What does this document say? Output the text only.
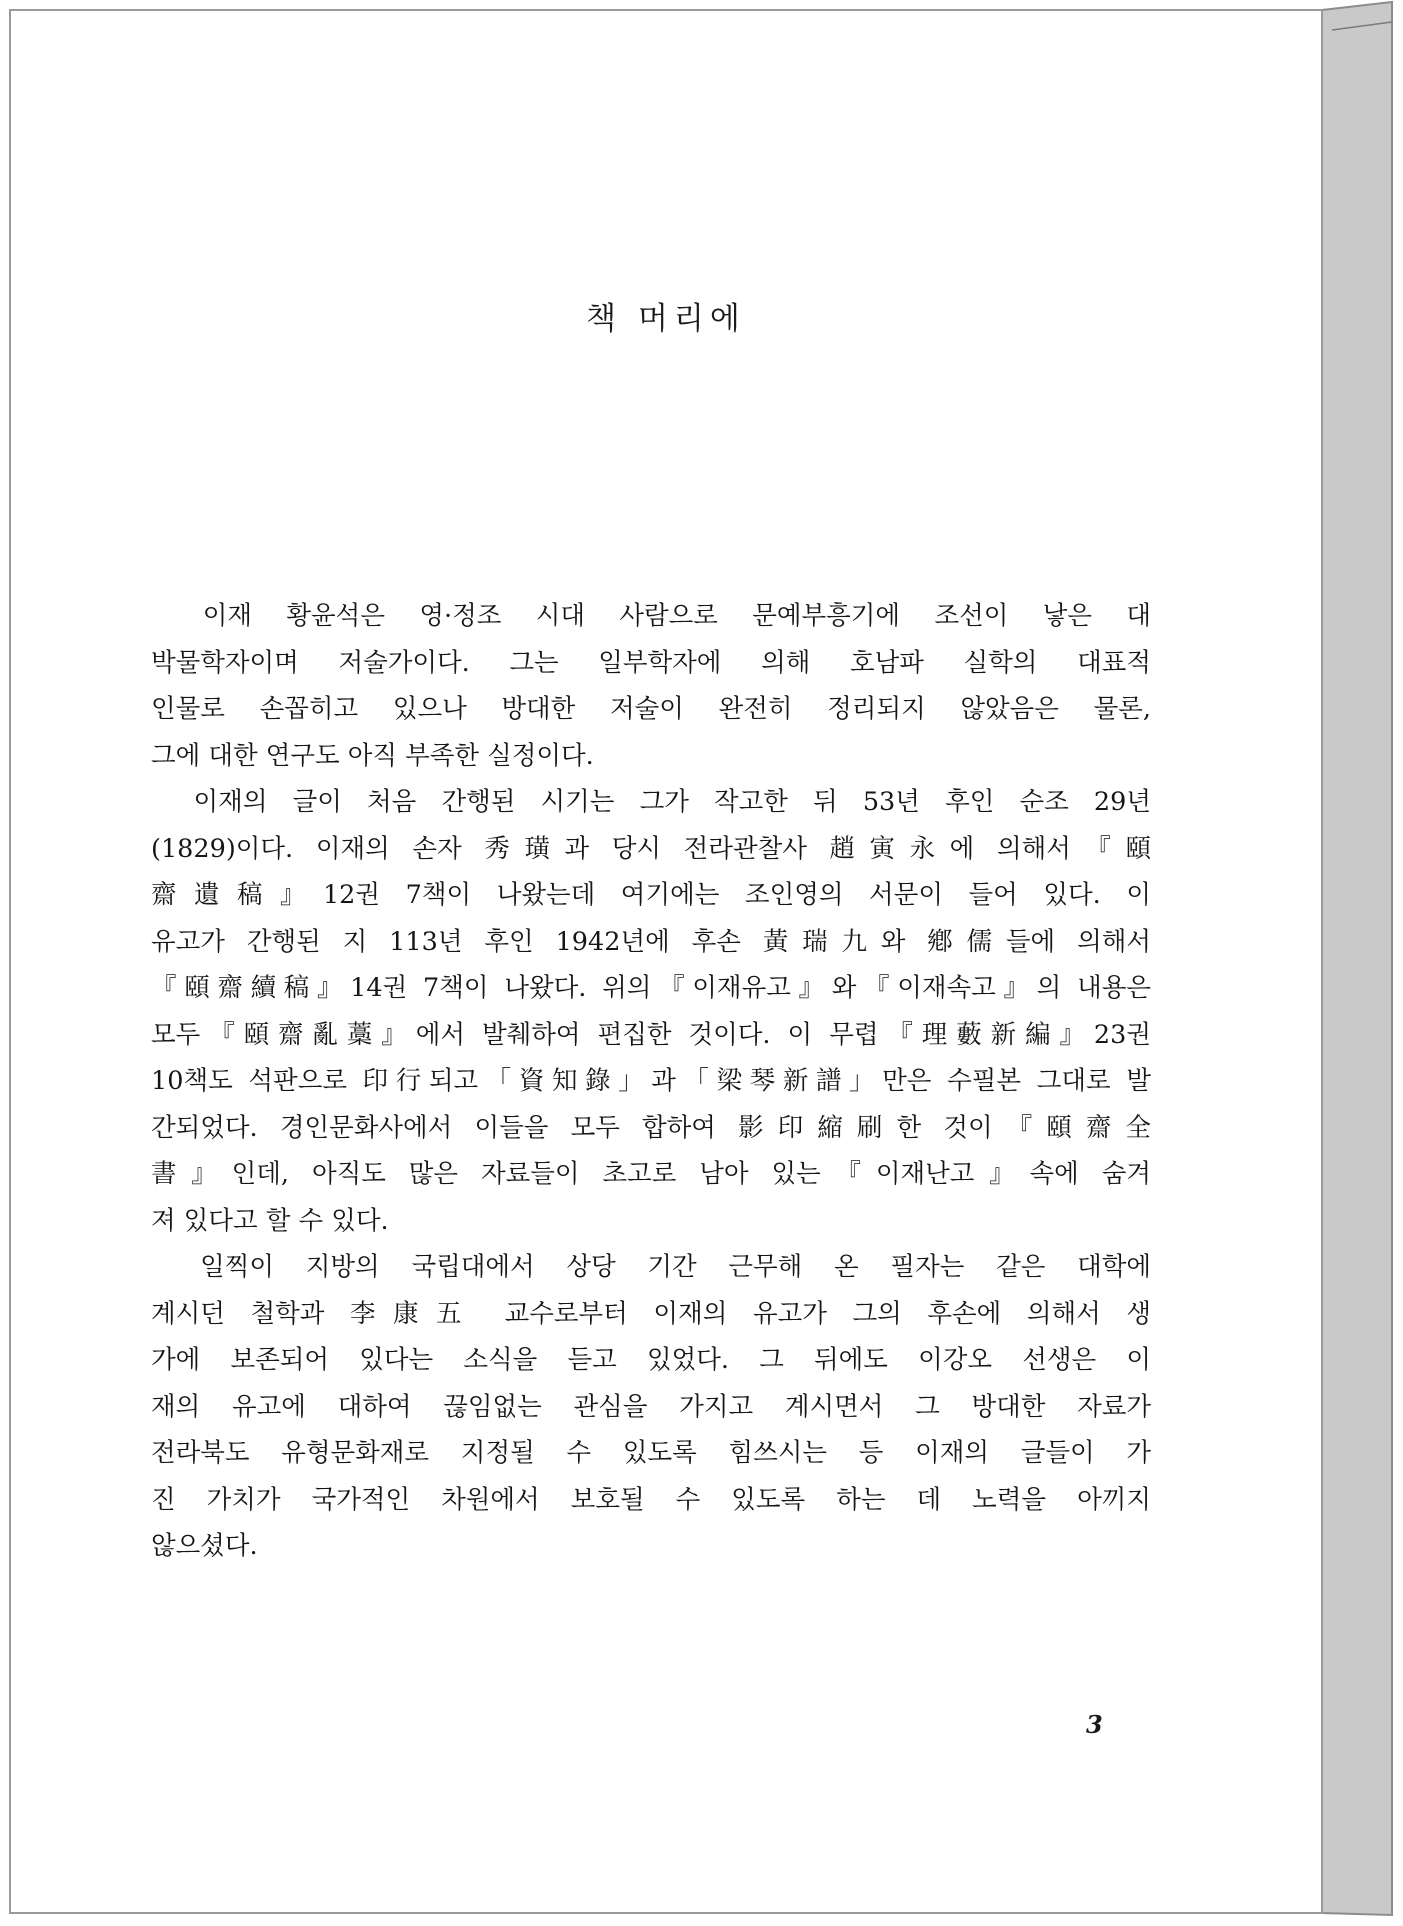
책 머리에
　이재 황윤석은 영·정조 시대 사람으로 문예부흥기에 조선이 낳은 대
박물학자이며 저술가이다. 그는 일부학자에 의해 호남파 실학의 대표적
인물로 손꼽히고 있으나 방대한 저술이 완전히 정리되지 않았음은 물론,
그에 대한 연구도 아직 부족한 실정이다.
　이재의 글이 처음 간행된 시기는 그가 작고한 뒤 53년 후인 순조 29년
(1829)이다. 이재의 손자 秀璜과 당시 전라관찰사 趙寅永에 의해서『頤
齋遺稿』12권 7책이 나왔는데 여기에는 조인영의 서문이 들어 있다. 이
유고가 간행된 지 113년 후인 1942년에 후손 黃瑞九와 鄕儒들에 의해서
『頤齋續稿』14권 7책이 나왔다. 위의『이재유고』와『이재속고』의 내용은
모두『頤齋亂藁』에서 발췌하여 편집한 것이다. 이 무렵『理藪新編』23권
10책도 석판으로 印行되고「資知錄」과「梁琴新譜」만은 수필본 그대로 발
간되었다. 경인문화사에서 이들을 모두 합하여 影印縮刷한 것이『頤齋全
書』인데, 아직도 많은 자료들이 초고로 남아 있는『이재난고』속에 숨겨
져 있다고 할 수 있다.
　일찍이 지방의 국립대에서 상당 기간 근무해 온 필자는 같은 대학에
계시던 철학과 李康五 교수로부터 이재의 유고가 그의 후손에 의해서 생
가에 보존되어 있다는 소식을 듣고 있었다. 그 뒤에도 이강오 선생은 이
재의 유고에 대하여 끊임없는 관심을 가지고 계시면서 그 방대한 자료가
전라북도 유형문화재로 지정될 수 있도록 힘쓰시는 등 이재의 글들이 가
진 가치가 국가적인 차원에서 보호될 수 있도록 하는 데 노력을 아끼지
않으셨다.
3
